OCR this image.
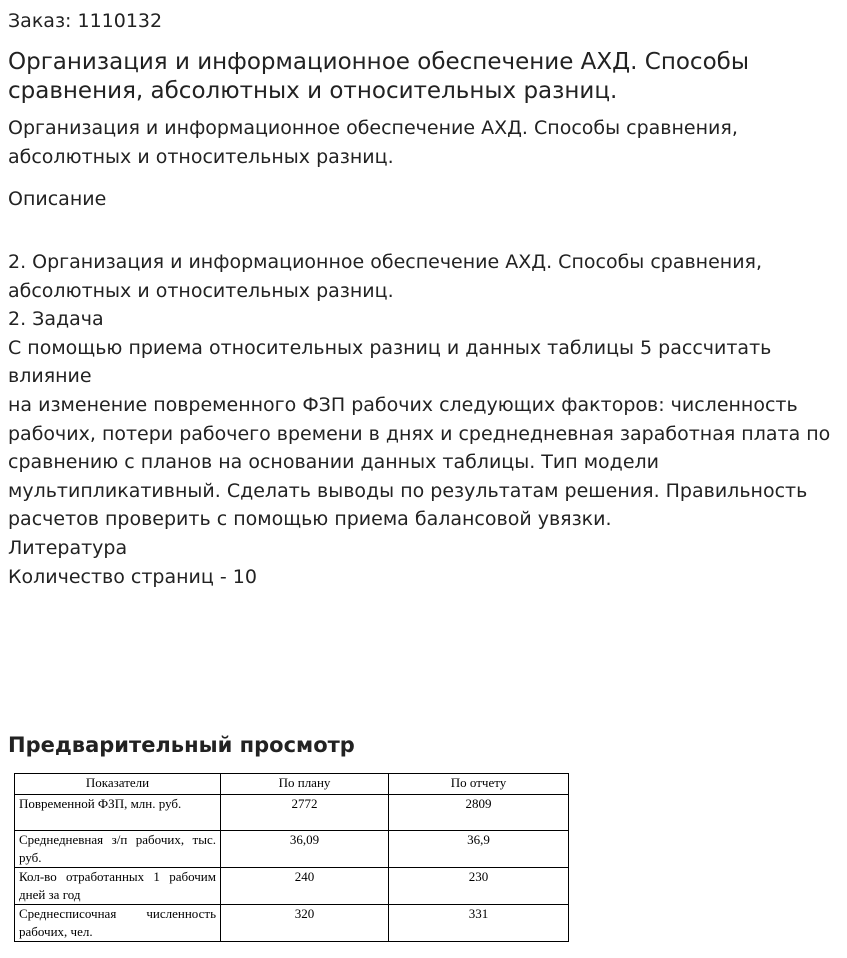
Заказ: 1110132
Организация и информационное обеспечение АХД. Способы сравнения, абсолютных и относительных разниц.
Организация и информационное обеспечение АХД. Способы сравнения, абсолютных и относительных разниц.
Описание

2. Организация и информационное обеспечение АХД. Способы сравнения, абсолютных и относительных разниц.

2. Задача

С помощью приема относительных разниц и данных таблицы 5 рассчитать влияние

на изменение повременного ФЗП рабочих следующих факторов: численность рабочих, потери рабочего времени в днях и среднедневная заработная плата по сравнению с планов на основании данных таблицы. Тип модели мультипликативный. Сделать выводы по результатам решения. Правильность расчетов проверить с помощью приема балансовой увязки.

Литература

Количество страниц - 10

Предварительный просмотр
Показатели	По плану	По отчету
Повременной ФЗП, млн. руб.	2772	2809
Среднедневная з/п рабочих, тыс. руб.	36,09	36,9
Кол-во отработанных 1 рабочим дней за год	240	230
Среднесписочная численность рабочих, чел.	320	331
